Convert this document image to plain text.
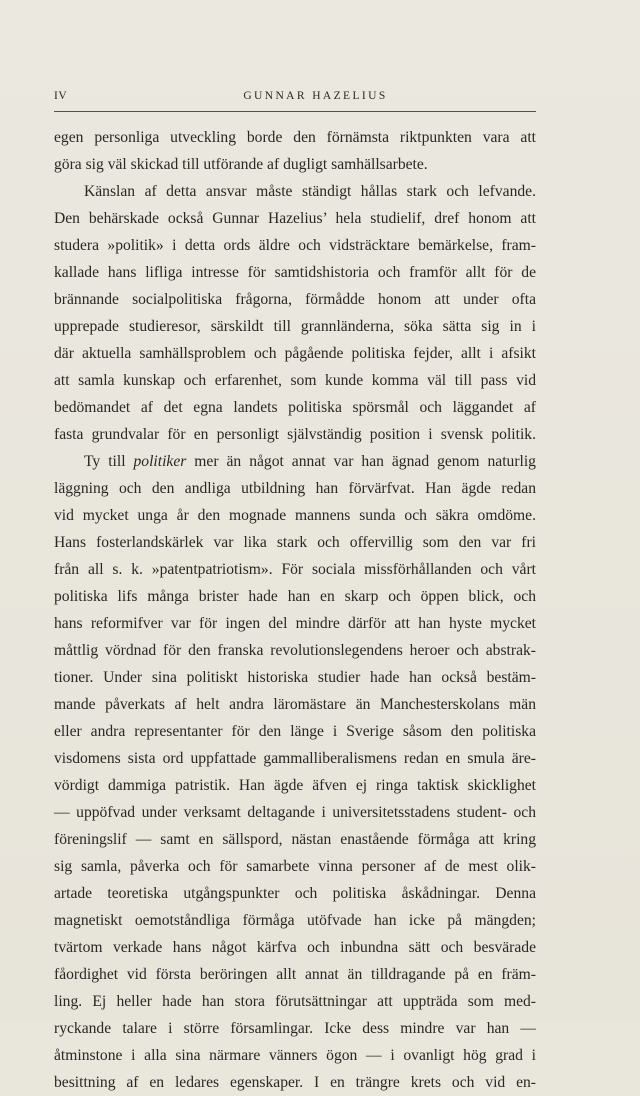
IV	GUNNAR HAZELIUS
egen personliga utveckling borde den förnämsta riktpunkten vara att
göra sig väl skickad till utförande af dugligt samhällsarbete.
Känslan af detta ansvar måste ständigt hållas stark och lefvande.
Den behärskade också Gunnar Hazelius’ hela studielif, dref honom att
studera »politik» i detta ords äldre och vidsträcktare bemärkelse, fram-
kallade hans lifliga intresse för samtidshistoria och framför allt för de
brännande socialpolitiska frågorna, förmådde honom att under ofta
upprepade studieresor, särskildt till grannländerna, söka sätta sig in i
där aktuella samhällsproblem och pågående politiska fejder, allt i afsikt
att samla kunskap och erfarenhet, som kunde komma väl till pass vid
bedömandet af det egna landets politiska spörsmål och läggandet af
fasta grundvalar för en personligt självständig position i svensk politik.
Ty till politiker mer än något annat var han ägnad genom naturlig
läggning och den andliga utbildning han förvärfvat. Han ägde redan
vid mycket unga år den mognade mannens sunda och säkra omdöme.
Hans fosterlandskärlek var lika stark och offervillig som den var fri
från all s. k. »patentpatriotism». För sociala missförhållanden och vårt
politiska lifs många brister hade han en skarp och öppen blick, och
hans reformifver var för ingen del mindre därför att han hyste mycket
måttlig vördnad för den franska revolutionslegendens heroer och abstrak-
tioner. Under sina politiskt historiska studier hade han också bestäm-
mande påverkats af helt andra läromästare än Manchesterskolans män
eller andra representanter för den länge i Sverige såsom den politiska
visdomens sista ord uppfattade gammalliberalismens redan en smula äre-
vördigt dammiga patristik. Han ägde äfven ej ringa taktisk skicklighet
— uppöfvad under verksamt deltagande i universitetsstadens student- och
föreningslif — samt en sällspord, nästan enastående förmåga att kring
sig samla, påverka och för samarbete vinna personer af de mest olik-
artade teoretiska utgångspunkter och politiska åskådningar. Denna
magnetiskt oemotståndliga förmåga utöfvade han icke på mängden;
tvärtom verkade hans något kärfva och inbundna sätt och besvärade
fåordighet vid första beröringen allt annat än tilldragande på en främ-
ling. Ej heller hade han stora förutsättningar att uppträda som med-
ryckande talare i större församlingar. Icke dess mindre var han —
åtminstone i alla sina närmare vänners ögon — i ovanligt hög grad i
besittning af en ledares egenskaper. I en trängre krets och vid en-
